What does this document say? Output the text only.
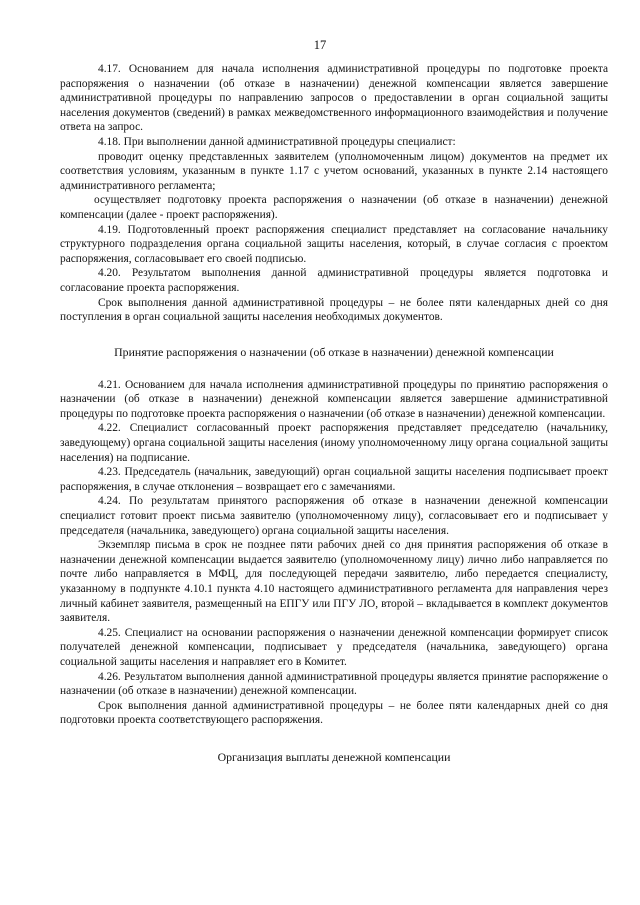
17

4.17. Основанием для начала исполнения административной процедуры по подготовке проекта распоряжения о назначении (об отказе в назначении) денежной компенсации является завершение административной процедуры по направлению запросов о предоставлении в орган социальной защиты населения документов (сведений) в рамках межведомственного информационного взаимодействия и получение ответа на запрос.

4.18. При выполнении данной административной процедуры специалист:

проводит оценку представленных заявителем (уполномоченным лицом) документов на предмет их соответствия условиям, указанным в пункте 1.17 с учетом оснований, указанных в пункте 2.14 настоящего административного регламента;

осуществляет подготовку проекта распоряжения о назначении (об отказе в назначении) денежной компенсации (далее - проект распоряжения).

4.19. Подготовленный проект распоряжения специалист представляет на согласование начальнику структурного подразделения органа социальной защиты населения, который, в случае согласия с проектом распоряжения, согласовывает его своей подписью.

4.20. Результатом выполнения данной административной процедуры является подготовка и согласование проекта распоряжения.

Срок выполнения данной административной процедуры – не более пяти календарных дней со дня поступления в орган социальной защиты населения необходимых документов.

Принятие распоряжения о назначении (об отказе в назначении) денежной компенсации

4.21. Основанием для начала исполнения административной процедуры по принятию распоряжения о назначении (об отказе в назначении) денежной компенсации является завершение административной процедуры по подготовке проекта распоряжения о назначении (об отказе в назначении) денежной компенсации.

4.22. Специалист согласованный проект распоряжения представляет председателю (начальнику, заведующему) органа социальной защиты населения (иному уполномоченному лицу органа социальной защиты населения) на подписание.

4.23. Председатель (начальник, заведующий) орган социальной защиты населения подписывает проект распоряжения, в случае отклонения – возвращает его с замечаниями.

4.24. По результатам принятого распоряжения об отказе в назначении денежной компенсации специалист готовит проект письма заявителю (уполномоченному лицу), согласовывает его и подписывает у председателя (начальника, заведующего) органа социальной защиты населения.

Экземпляр письма в срок не позднее пяти рабочих дней со дня принятия распоряжения об отказе в назначении денежной компенсации выдается заявителю (уполномоченному лицу) лично либо направляется по почте либо направляется в МФЦ, для последующей передачи заявителю, либо передается специалисту, указанному в подпункте 4.10.1 пункта 4.10 настоящего административного регламента для направления через личный кабинет заявителя, размещенный на ЕПГУ или ПГУ ЛО, второй – вкладывается в комплект документов заявителя.

4.25. Специалист на основании распоряжения о назначении денежной компенсации формирует список получателей денежной компенсации, подписывает у председателя (начальника, заведующего) органа социальной защиты населения и направляет его в Комитет.

4.26. Результатом выполнения данной административной процедуры является принятие распоряжение о назначении (об отказе в назначении) денежной компенсации.

Срок выполнения данной административной процедуры – не более пяти календарных дней со дня подготовки проекта соответствующего распоряжения.

Организация выплаты денежной компенсации
